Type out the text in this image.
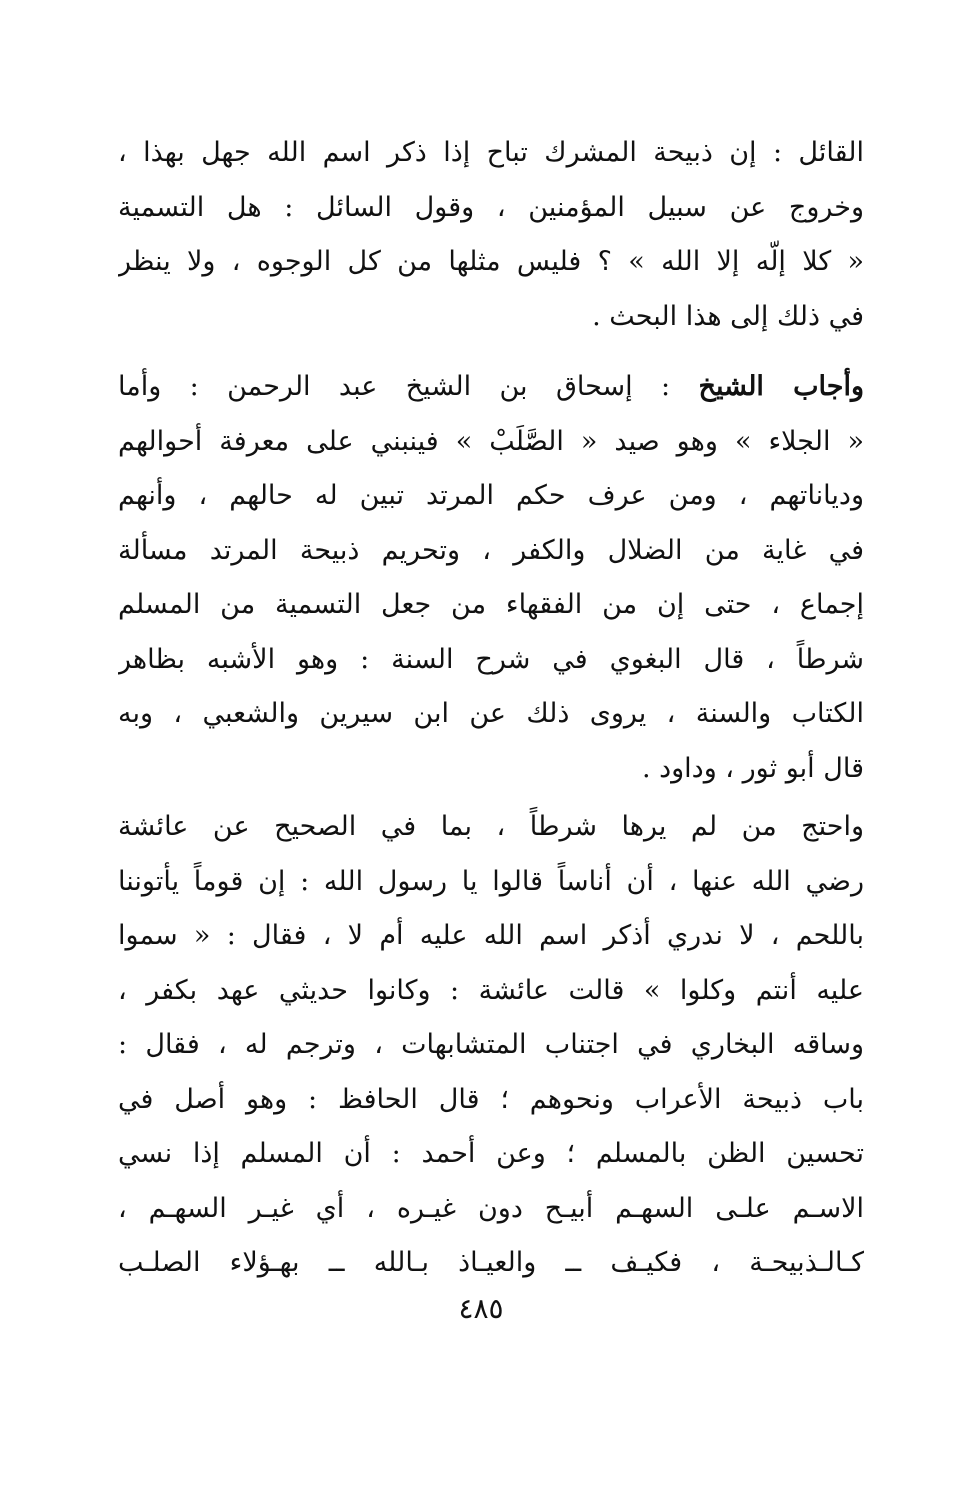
القائل : إن ذبيحة المشرك تباح إذا ذكر اسم الله جهل بهذا ،
وخروج عن سبيل المؤمنين ، وقول السائل : هل التسمية
« كلا إلّه إلا الله » ؟ فليس مثلها من كل الوجوه ، ولا ينظر
في ذلك إلى هذا البحث .
وأجاب الشيخ : إسحاق بن الشيخ عبد الرحمن : وأما
« الجلاء » وهو صيد « الصَّلَبْ » فينبني على معرفة أحوالهم
ودياناتهم ، ومن عرف حكم المرتد تبين له حالهم ، وأنهم
في غاية من الضلال والكفر ، وتحريم ذبيحة المرتد مسألة
إجماع ، حتى إن من الفقهاء من جعل التسمية من المسلم
شرطاً ، قال البغوي في شرح السنة : وهو الأشبه بظاهر
الكتاب والسنة ، يروى ذلك عن ابن سيرين والشعبي ، وبه
قال أبو ثور ، وداود .
واحتج من لم يرها شرطاً ، بما في الصحيح عن عائشة
رضي الله عنها ، أن أناساً قالوا يا رسول الله : إن قوماً يأتوننا
باللحم ، لا ندري أذكر اسم الله عليه أم لا ، فقال : « سموا
عليه أنتم وكلوا » قالت عائشة : وكانوا حديثي عهد بكفر ،
وساقه البخاري في اجتناب المتشابهات ، وترجم له ، فقال :
باب ذبيحة الأعراب ونحوهم ؛ قال الحافظ : وهو أصل في
تحسين الظن بالمسلم ؛ وعن أحمد : أن المسلم إذا نسي
الاسـم علـى السهـم أبيـح دون غيـره ، أي غيـر السهـم ،
كـالـذبيحـة ، فكيـف ــ والعيـاذ بـالله ــ بهـؤلاء الصلـب
٤٨٥
